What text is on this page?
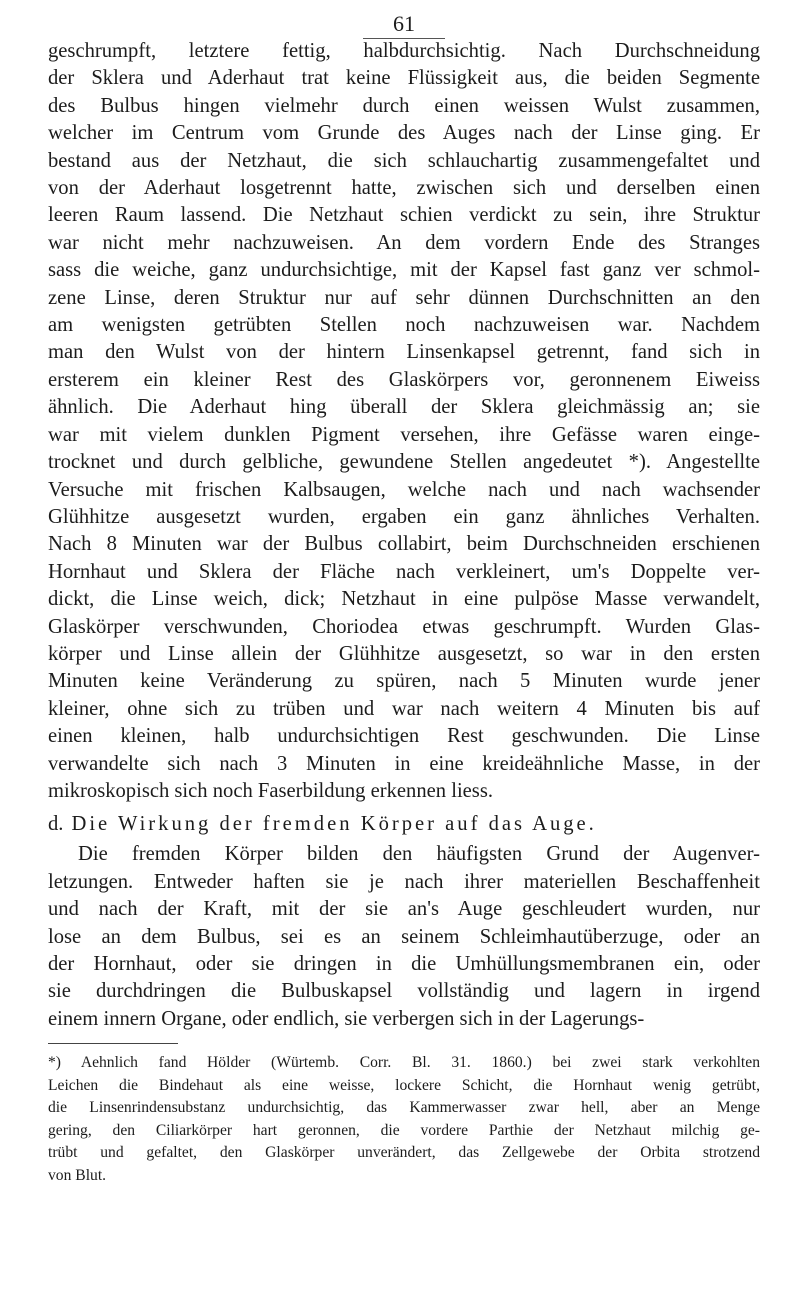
61
geschrumpft, letztere fettig, halbdurchsichtig. Nach Durchschneidung
der Sklera und Aderhaut trat keine Flüssigkeit aus, die beiden Segmente
des Bulbus hingen vielmehr durch einen weissen Wulst zusammen,
welcher im Centrum vom Grunde des Auges nach der Linse ging. Er
bestand aus der Netzhaut, die sich schlauchartig zusammengefaltet und
von der Aderhaut losgetrennt hatte, zwischen sich und derselben einen
leeren Raum lassend. Die Netzhaut schien verdickt zu sein, ihre Struktur
war nicht mehr nachzuweisen. An dem vordern Ende des Stranges
sass die weiche, ganz undurchsichtige, mit der Kapsel fast ganz ver schmol-
zene Linse, deren Struktur nur auf sehr dünnen Durchschnitten an den
am wenigsten getrübten Stellen noch nachzuweisen war. Nachdem
man den Wulst von der hintern Linsenkapsel getrennt, fand sich in
ersterem ein kleiner Rest des Glaskörpers vor, geronnenem Eiweiss
ähnlich. Die Aderhaut hing überall der Sklera gleichmässig an; sie
war mit vielem dunklen Pigment versehen, ihre Gefässe waren einge-
trocknet und durch gelbliche, gewundene Stellen angedeutet *). Angestellte
Versuche mit frischen Kalbsaugen, welche nach und nach wachsender
Glühhitze ausgesetzt wurden, ergaben ein ganz ähnliches Verhalten.
Nach 8 Minuten war der Bulbus collabirt, beim Durchschneiden erschienen
Hornhaut und Sklera der Fläche nach verkleinert, um's Doppelte ver-
dickt, die Linse weich, dick; Netzhaut in eine pulpöse Masse verwandelt,
Glaskörper verschwunden, Choriodea etwas geschrumpft. Wurden Glas-
körper und Linse allein der Glühhitze ausgesetzt, so war in den ersten
Minuten keine Veränderung zu spüren, nach 5 Minuten wurde jener
kleiner, ohne sich zu trüben und war nach weitern 4 Minuten bis auf
einen kleinen, halb undurchsichtigen Rest geschwunden. Die Linse
verwandelte sich nach 3 Minuten in eine kreideähnliche Masse, in der
mikroskopisch sich noch Faserbildung erkennen liess.
d. Die Wirkung der fremden Körper auf das Auge.
Die fremden Körper bilden den häufigsten Grund der Augenver-
letzungen. Entweder haften sie je nach ihrer materiellen Beschaffenheit
und nach der Kraft, mit der sie an's Auge geschleudert wurden, nur
lose an dem Bulbus, sei es an seinem Schleimhautüberzuge, oder an
der Hornhaut, oder sie dringen in die Umhüllungsmembranen ein, oder
sie durchdringen die Bulbuskapsel vollständig und lagern in irgend
einem innern Organe, oder endlich, sie verbergen sich in der Lagerungs-
*) Aehnlich fand Hölder (Würtemb. Corr. Bl. 31. 1860.) bei zwei stark verkohlten
Leichen die Bindehaut als eine weisse, lockere Schicht, die Hornhaut wenig getrübt,
die Linsenrindensubstanz undurchsichtig, das Kammerwasser zwar hell, aber an Menge
gering, den Ciliarkörper hart geronnen, die vordere Parthie der Netzhaut milchig ge-
trübt und gefaltet, den Glaskörper unverändert, das Zellgewebe der Orbita strotzend
von Blut.
